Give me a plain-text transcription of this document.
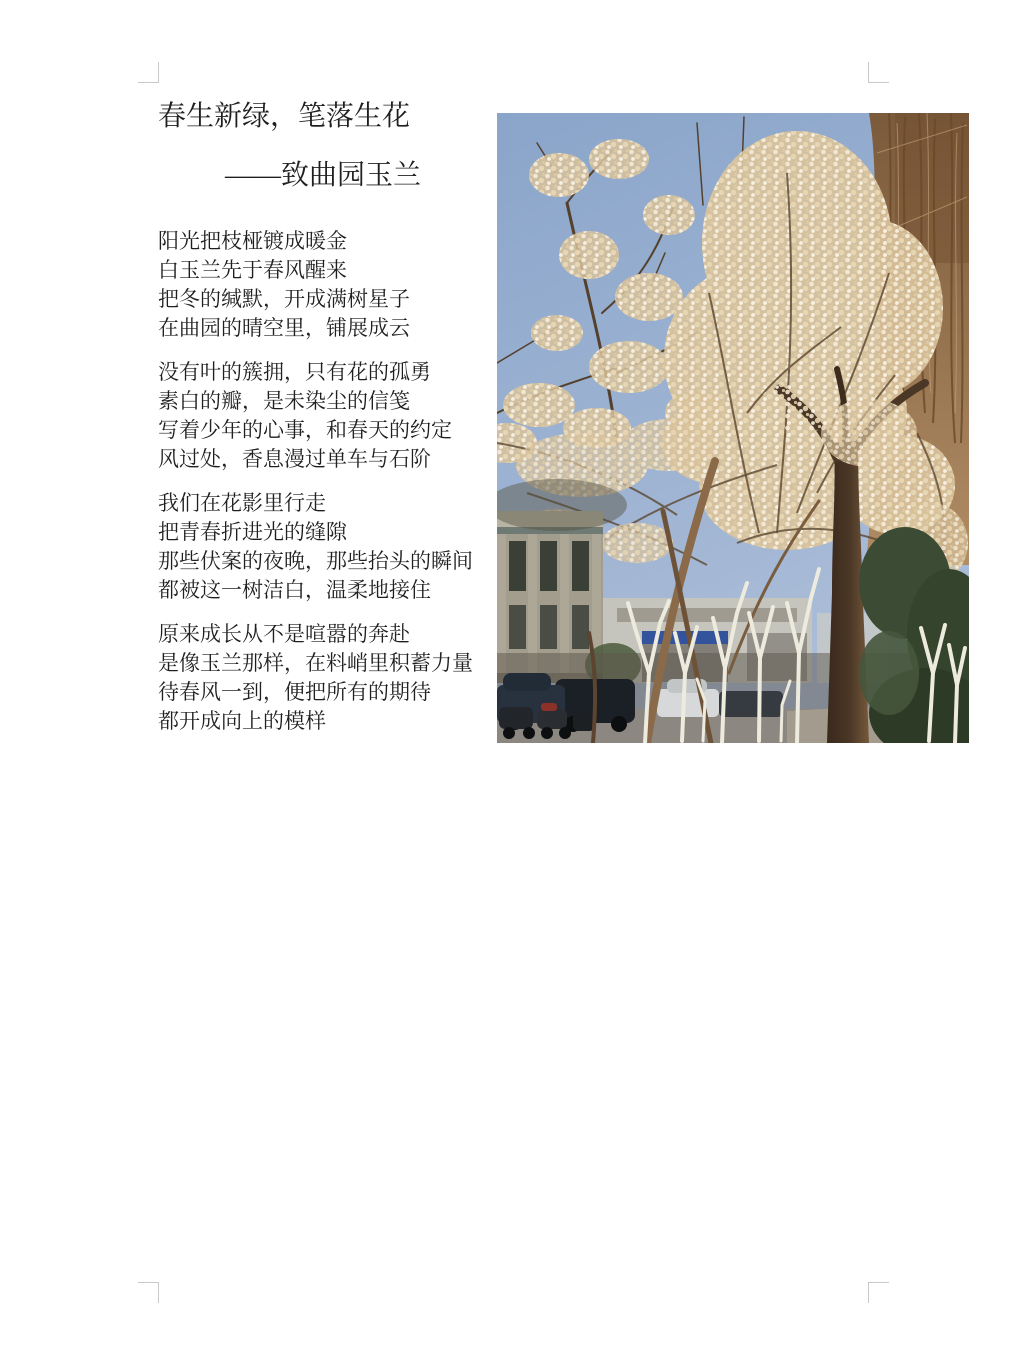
春生新绿，笔落生花
——致曲园玉兰

阳光把枝桠镀成暖金
白玉兰先于春风醒来
把冬的缄默，开成满树星子
在曲园的晴空里，铺展成云

没有叶的簇拥，只有花的孤勇
素白的瓣，是未染尘的信笺
写着少年的心事，和春天的约定
风过处，香息漫过单车与石阶

我们在花影里行走
把青春折进光的缝隙
那些伏案的夜晚，那些抬头的瞬间
都被这一树洁白，温柔地接住

原来成长从不是喧嚣的奔赴
是像玉兰那样，在料峭里积蓄力量
待春风一到，便把所有的期待
都开成向上的模样
